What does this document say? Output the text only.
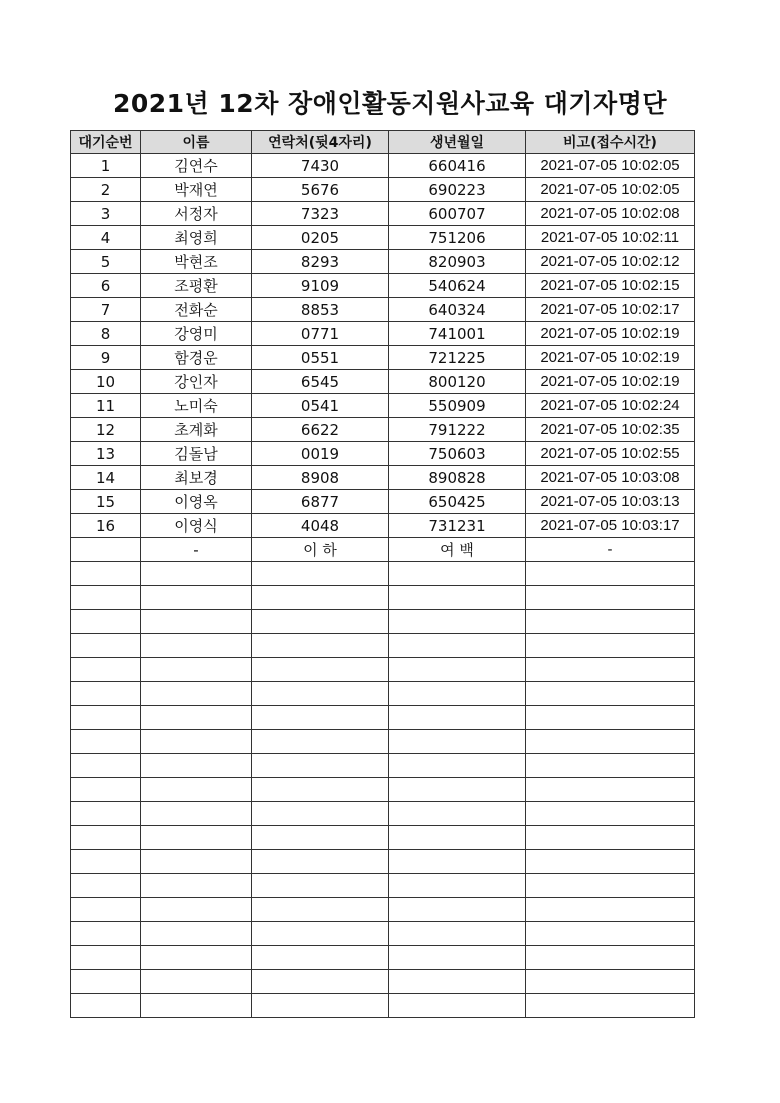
2021년 12차 장애인활동지원사교육 대기자명단
대기순번	이름	연락처(뒷4자리)	생년월일	비고(접수시간)
1	김연수	7430	660416	2021-07-05 10:02:05
2	박재연	5676	690223	2021-07-05 10:02:05
3	서정자	7323	600707	2021-07-05 10:02:08
4	최영희	0205	751206	2021-07-05 10:02:11
5	박현조	8293	820903	2021-07-05 10:02:12
6	조평환	9109	540624	2021-07-05 10:02:15
7	전화순	8853	640324	2021-07-05 10:02:17
8	강영미	0771	741001	2021-07-05 10:02:19
9	함경운	0551	721225	2021-07-05 10:02:19
10	강인자	6545	800120	2021-07-05 10:02:19
11	노미숙	0541	550909	2021-07-05 10:02:24
12	초계화	6622	791222	2021-07-05 10:02:35
13	김돌남	0019	750603	2021-07-05 10:02:55
14	최보경	8908	890828	2021-07-05 10:03:08
15	이영옥	6877	650425	2021-07-05 10:03:13
16	이영식	4048	731231	2021-07-05 10:03:17
	-	이 하	여 백	-
